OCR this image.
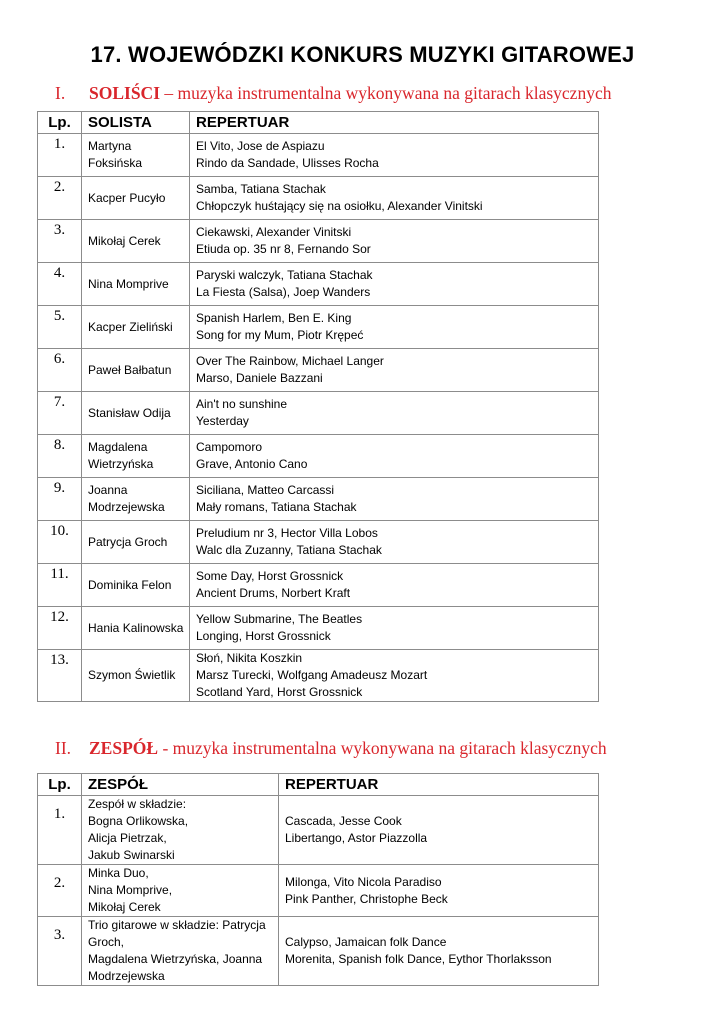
17. WOJEWÓDZKI KONKURS MUZYKI GITAROWEJ
I. SOLIŚCI – muzyka instrumentalna wykonywana na gitarach klasycznych
Lp.	SOLISTA	REPERTUAR
1.	Martyna
Foksińska	El Vito, Jose de Aspiazu
Rindo da Sandade, Ulisses Rocha

2.	Kacper Pucyło	Samba, Tatiana Stachak
Chłopczyk huśtający się na osiołku, Alexander Vinitski

3.	Mikołaj Cerek	Ciekawski, Alexander Vinitski
Etiuda op. 35 nr 8, Fernando Sor

4.	Nina Momprive	Paryski walczyk, Tatiana Stachak
La Fiesta (Salsa), Joep Wanders

5.	Kacper Zieliński	Spanish Harlem, Ben E. King
Song for my Mum, Piotr Krępeć

6.	Paweł Bałbatun	Over The Rainbow, Michael Langer
Marso, Daniele Bazzani

7.	Stanisław Odija	Ain't no sunshine
Yesterday

8.	Magdalena
Wietrzyńska	Campomoro
Grave, Antonio Cano

9.	Joanna
Modrzejewska	Siciliana, Matteo Carcassi
Mały romans, Tatiana Stachak

10.	Patrycja Groch	Preludium nr 3, Hector Villa Lobos
Walc dla Zuzanny, Tatiana Stachak

11.	Dominika Felon	Some Day, Horst Grossnick
Ancient Drums, Norbert Kraft

12.	Hania Kalinowska	Yellow Submarine, The Beatles
Longing, Horst Grossnick

13.	Szymon Świetlik	Słoń, Nikita Koszkin
Marsz Turecki, Wolfgang Amadeusz Mozart
Scotland Yard, Horst Grossnick
II. ZESPÓŁ - muzyka instrumentalna wykonywana na gitarach klasycznych
Lp.	ZESPÓŁ	REPERTUAR
1.	Zespół w składzie:
Bogna Orlikowska,
Alicja Pietrzak,
Jakub Swinarski	Cascada, Jesse Cook
Libertango, Astor Piazzolla

2.	Minka Duo,
Nina Momprive,
Mikołaj Cerek	Milonga, Vito Nicola Paradiso
Pink Panther, Christophe Beck

3.	Trio gitarowe w składzie: Patrycja
Groch,
Magdalena Wietrzyńska, Joanna
Modrzejewska	Calypso, Jamaican folk Dance
Morenita, Spanish folk Dance, Eythor Thorlaksson
